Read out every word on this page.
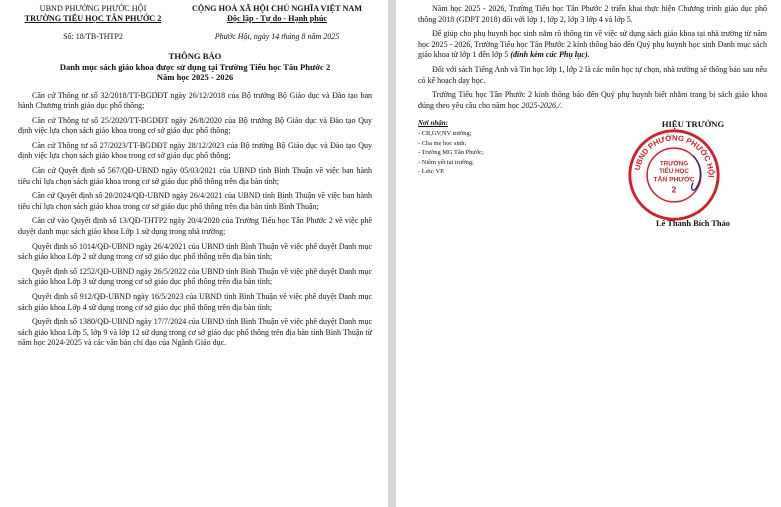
UBND PHƯỜNG PHƯỚC HỘI
TRƯỜNG TIỂU HỌC TÂN PHƯỚC 2
CỘNG HOÀ XÃ HỘI CHỦ NGHĨA VIỆT NAM
Độc lập - Tự do - Hạnh phúc
Số: 18/TB-THTP2	Phước Hội, ngày 14 tháng 8 năm 2025
THÔNG BÁO
Danh mục sách giáo khoa được sử dụng tại Trường Tiểu học Tân Phước 2
Năm học 2025 - 2026

Căn cứ Thông tư số 32/2018/TT-BGDĐT ngày 26/12/2018 của Bộ trưởng Bộ Giáo dục và Đào tạo ban hành Chương trình giáo dục phổ thông;

Căn cứ Thông tư số 25/2020/TT-BGDĐT ngày 26/8/2020 của Bộ trưởng Bộ Giáo dục và Đào tạo Quy định việc lựa chọn sách giáo khoa trong cơ sở giáo dục phổ thông;

Căn cứ Thông tư số 27/2023/TT-BGDĐT ngày 28/12/2023 của Bộ trưởng Bộ Giáo dục và Đào tạo Quy định việc lựa chọn sách giáo khoa trong cơ sở giáo dục phổ thông;

Căn cứ Quyết định số 567/QĐ-UBND ngày 05/03/2021 của UBND tỉnh Bình Thuận về việc ban hành tiêu chí lựa chọn sách giáo khoa trong cơ sở giáo dục phổ thông trên địa bàn tỉnh;

Căn cứ Quyết định số 20/2024/QĐ-UBND ngày 26/4/2021 của UBND tỉnh Bình Thuận về việc ban hành tiêu chí lựa chọn sách giáo khoa trong cơ sở giáo dục phổ thông trên địa bàn tỉnh Bình Thuận;

Căn cứ vào Quyết định số 13/QĐ-THTP2 ngày 20/4/2020 của Trường Tiểu học Tân Phước 2 về việc phê duyệt danh mục sách giáo khoa Lớp 1 sử dụng trong nhà trường;

Quyết định số 1014/QĐ-UBND ngày 26/4/2021 của UBND tỉnh Bình Thuận về việc phê duyệt Danh mục sách giáo khoa Lớp 2 sử dụng trong cơ sở giáo dục phổ thông trên địa bàn tỉnh;

Quyết định số 1252/QĐ-UBND ngày 26/5/2022 của UBND tỉnh Bình Thuận về việc phê duyệt Danh mục sách giáo khoa Lớp 3 sử dụng trong cơ sở giáo dục phổ thông trên địa bàn tỉnh;

Quyết định số 912/QĐ-UBND ngày 16/5/2023 của UBND tỉnh Bình Thuận về việc phê duyệt Danh mục sách giáo khoa Lớp 4 sử dụng trong cơ sở giáo dục phổ thông trên địa bàn tỉnh;

Quyết định số 1380/QĐ-UBND ngày 17/7/2024 của UBND tỉnh Bình Thuận về việc phê duyệt Danh mục sách giáo khoa Lớp 5, lớp 9 và lớp 12 sử dụng trong cơ sở giáo dục phổ thông trên địa bàn tỉnh Bình Thuận từ năm học 2024-2025 và các văn bản chỉ đạo của Ngành Giáo dục.

Năm học 2025 - 2026, Trường Tiểu học Tân Phước 2 triển khai thực hiện Chương trình giáo dục phổ thông 2018 (GDPT 2018) đối với lớp 1, lớp 2, lớp 3 lớp 4 và lớp 5.

Để giúp cho phụ huynh học sinh nắm rõ thông tin về việc sử dụng sách giáo khoa tại nhà trường từ năm học 2025 - 2026, Trường Tiểu học Tân Phước 2 kính thông báo đến Quý phụ huynh học sinh Danh mục sách giáo khoa từ lớp 1 đến lớp 5 (đính kèm các Phụ lục).

Đối với sách Tiếng Anh và Tin học lớp 1, lớp 2 là các môn học tự chọn, nhà trường sẽ thông báo sau nếu có kế hoạch dạy học.

Trường Tiểu học Tân Phước 2 kính thông báo đến Quý phụ huynh biết nhằm trang bị sách giáo khoa đúng theo yêu cầu cho năm học 2025-2026./.

Nơi nhận:
- CB,GV,NV trường;
- Cha mẹ học sinh;
- Trường MG Tân Phước;
- Niêm yết tại trường;
- Lưu: VP.
HIỆU TRƯỞNG
UBND PHƯỜNG PHƯỚC HỘI
TRƯỜNG
TIỂU HỌC
TÂN PHƯỚC
2
Lê Thanh Bích Thảo
